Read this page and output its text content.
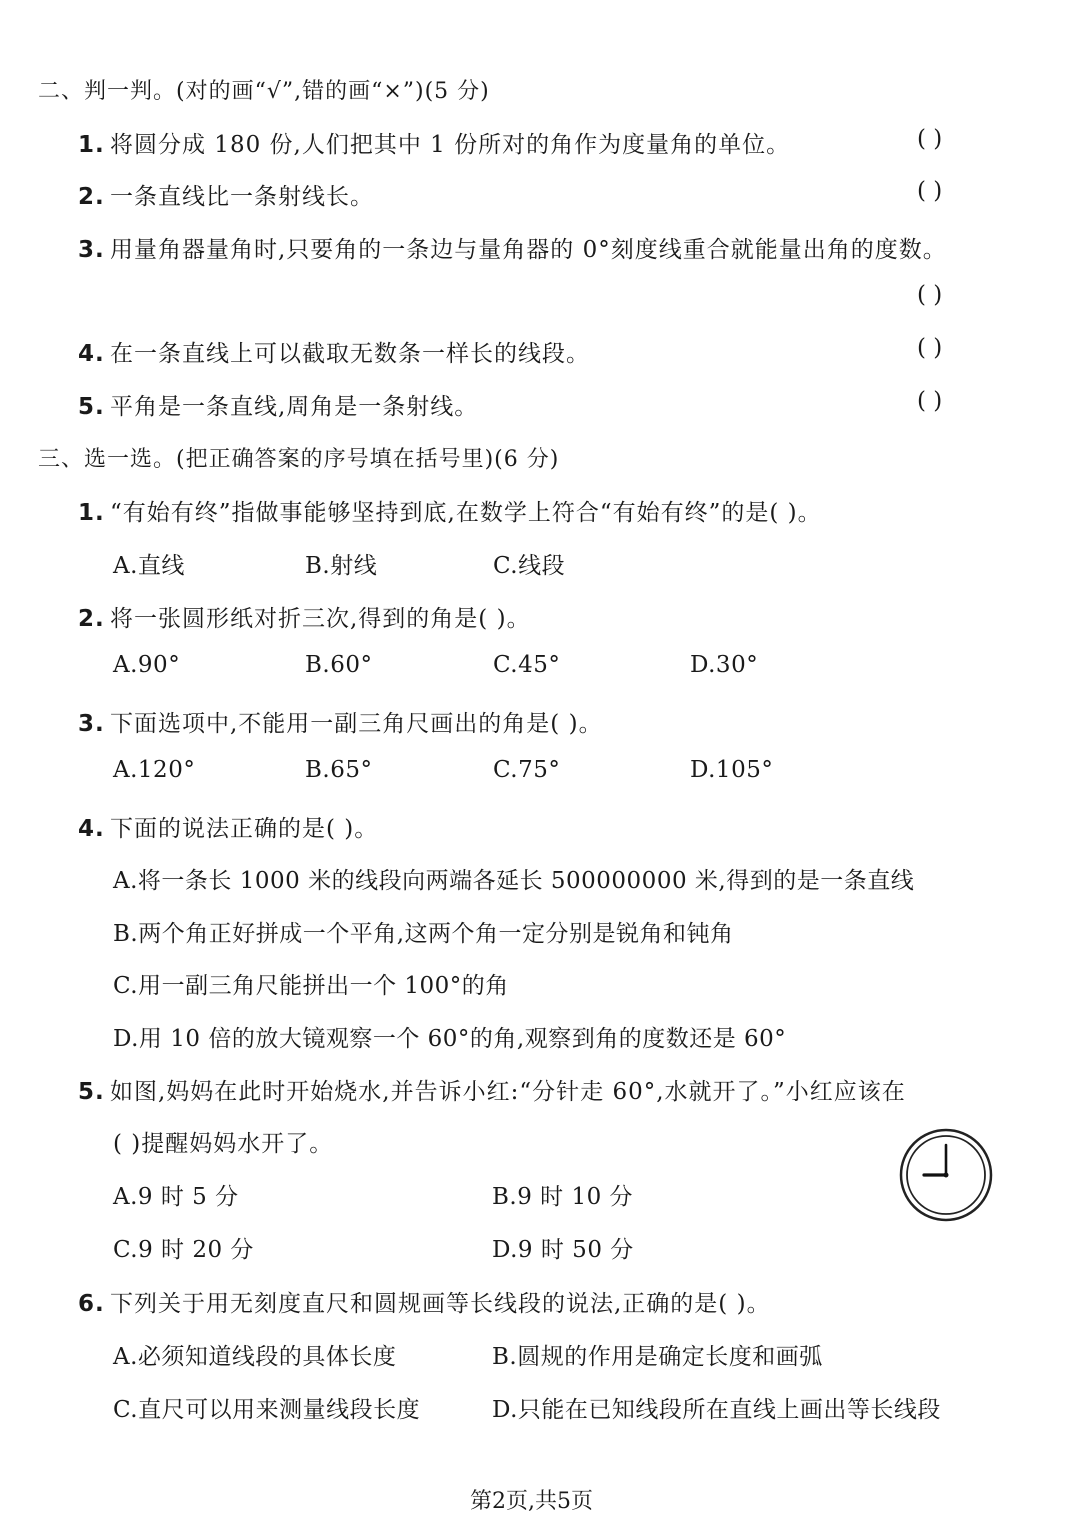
二、判一判。(对的画“√”,错的画“×”)(5 分)
1. 将圆分成 180 份,人们把其中 1 份所对的角作为度量角的单位。	( )
2. 一条直线比一条射线长。	( )
3. 用量角器量角时,只要角的一条边与量角器的 0°刻度线重合就能量出角的度数。
( )
4. 在一条直线上可以截取无数条一样长的线段。	( )
5. 平角是一条直线,周角是一条射线。	( )
三、选一选。(把正确答案的序号填在括号里)(6 分)
1. “有始有终”指做事能够坚持到底,在数学上符合“有始有终”的是( )。
A.直线	B.射线	C.线段
2. 将一张圆形纸对折三次,得到的角是( )。
A.90°	B.60°	C.45°	D.30°
3. 下面选项中,不能用一副三角尺画出的角是( )。
A.120°	B.65°	C.75°	D.105°
4. 下面的说法正确的是( )。
A.将一条长 1000 米的线段向两端各延长 500000000 米,得到的是一条直线
B.两个角正好拼成一个平角,这两个角一定分别是锐角和钝角
C.用一副三角尺能拼出一个 100°的角
D.用 10 倍的放大镜观察一个 60°的角,观察到角的度数还是 60°
5. 如图,妈妈在此时开始烧水,并告诉小红:“分针走 60°,水就开了。”小红应该在
( )提醒妈妈水开了。
A.9 时 5 分	B.9 时 10 分
C.9 时 20 分	D.9 时 50 分
6. 下列关于用无刻度直尺和圆规画等长线段的说法,正确的是( )。
A.必须知道线段的具体长度	B.圆规的作用是确定长度和画弧
C.直尺可以用来测量线段长度	D.只能在已知线段所在直线上画出等长线段
第2页,共5页
